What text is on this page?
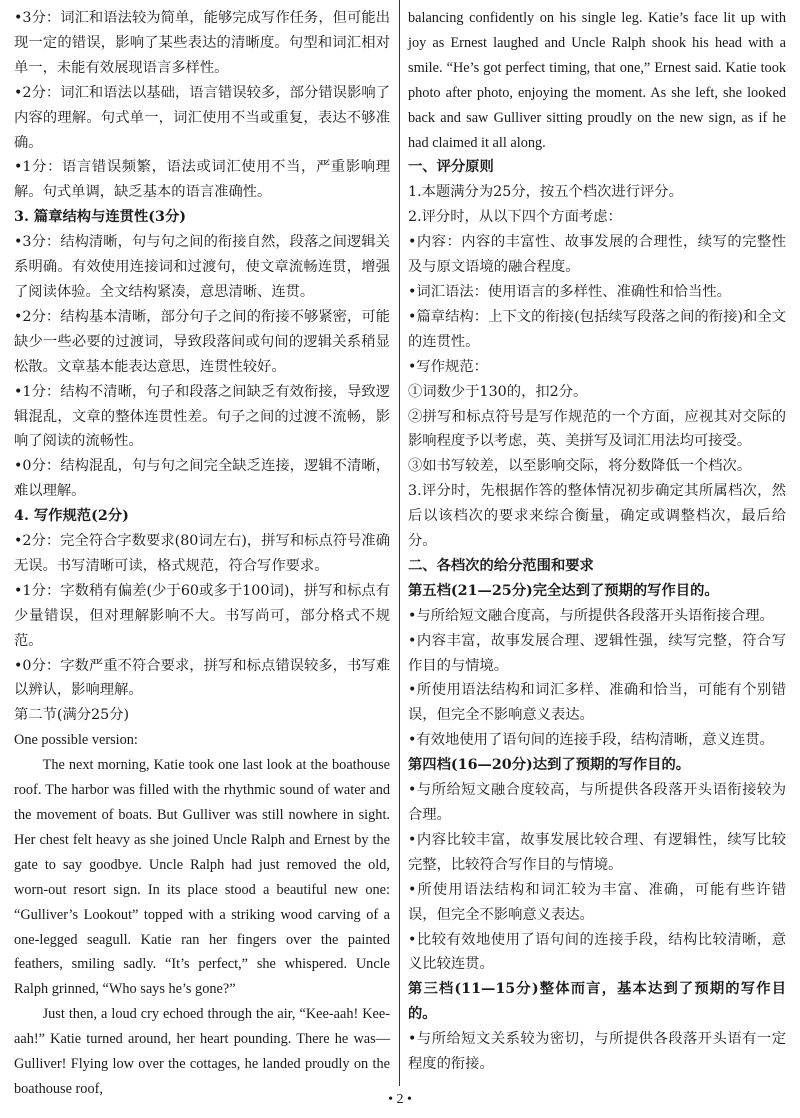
•3分：词汇和语法较为简单，能够完成写作任务，但可能出现一定的错误，影响了某些表达的清晰度。句型和词汇相对单一，未能有效展现语言多样性。

•2分：词汇和语法以基础，语言错误较多，部分错误影响了内容的理解。句式单一，词汇使用不当或重复，表达不够准确。

•1分：语言错误频繁，语法或词汇使用不当，严重影响理解。句式单调，缺乏基本的语言准确性。

3. 篇章结构与连贯性(3分)

•3分：结构清晰，句与句之间的衔接自然，段落之间逻辑关系明确。有效使用连接词和过渡句，使文章流畅连贯，增强了阅读体验。全文结构紧凑，意思清晰、连贯。

•2分：结构基本清晰，部分句子之间的衔接不够紧密，可能缺少一些必要的过渡词，导致段落间或句间的逻辑关系稍显松散。文章基本能表达意思，连贯性较好。

•1分：结构不清晰，句子和段落之间缺乏有效衔接，导致逻辑混乱，文章的整体连贯性差。句子之间的过渡不流畅，影响了阅读的流畅性。

•0分：结构混乱，句与句之间完全缺乏连接，逻辑不清晰，难以理解。

4. 写作规范(2分)

•2分：完全符合字数要求(80词左右)，拼写和标点符号准确无误。书写清晰可读，格式规范，符合写作要求。

•1分：字数稍有偏差(少于60或多于100词)，拼写和标点有少量错误，但对理解影响不大。书写尚可，部分格式不规范。

•0分：字数严重不符合要求，拼写和标点错误较多，书写难以辨认，影响理解。

第二节(满分25分)

One possible version:

The next morning, Katie took one last look at the boathouse roof. The harbor was filled with the rhythmic sound of water and the movement of boats. But Gulliver was still nowhere in sight. Her chest felt heavy as she joined Uncle Ralph and Ernest by the gate to say goodbye. Uncle Ralph had just removed the old, worn-out resort sign. In its place stood a beautiful new one: “Gulliver’s Lookout” topped with a striking wood carving of a one-legged seagull. Katie ran her fingers over the painted feathers, smiling sadly. “It’s perfect,” she whispered. Uncle Ralph grinned, “Who says he’s gone?”

Just then, a loud cry echoed through the air, “Kee-aah! Kee-aah!” Katie turned around, her heart pounding. There he was—Gulliver! Flying low over the cottages, he landed proudly on the boathouse roof,

balancing confidently on his single leg. Katie’s face lit up with joy as Ernest laughed and Uncle Ralph shook his head with a smile. “He’s got perfect timing, that one,” Ernest said. Katie took photo after photo, enjoying the moment. As she left, she looked back and saw Gulliver sitting proudly on the new sign, as if he had claimed it all along.

一、评分原则

1.本题满分为25分，按五个档次进行评分。

2.评分时，从以下四个方面考虑：

•内容：内容的丰富性、故事发展的合理性，续写的完整性及与原文语境的融合程度。

•词汇语法：使用语言的多样性、准确性和恰当性。

•篇章结构：上下文的衔接(包括续写段落之间的衔接)和全文的连贯性。

•写作规范：

①词数少于130的，扣2分。

②拼写和标点符号是写作规范的一个方面，应视其对交际的影响程度予以考虑，英、美拼写及词汇用法均可接受。

③如书写较差，以至影响交际，将分数降低一个档次。

3.评分时，先根据作答的整体情况初步确定其所属档次，然后以该档次的要求来综合衡量，确定或调整档次，最后给分。

二、各档次的给分范围和要求

第五档(21—25分)完全达到了预期的写作目的。

•与所给短文融合度高，与所提供各段落开头语衔接合理。

•内容丰富，故事发展合理、逻辑性强，续写完整，符合写作目的与情境。

•所使用语法结构和词汇多样、准确和恰当，可能有个别错误，但完全不影响意义表达。

•有效地使用了语句间的连接手段，结构清晰，意义连贯。

第四档(16—20分)达到了预期的写作目的。

•与所给短文融合度较高，与所提供各段落开头语衔接较为合理。

•内容比较丰富，故事发展比较合理、有逻辑性，续写比较完整，比较符合写作目的与情境。

•所使用语法结构和词汇较为丰富、准确，可能有些许错误，但完全不影响意义表达。

•比较有效地使用了语句间的连接手段，结构比较清晰，意义比较连贯。

第三档(11—15分)整体而言，基本达到了预期的写作目的。

•与所给短文关系较为密切，与所提供各段落开头语有一定程度的衔接。

• 2 •
